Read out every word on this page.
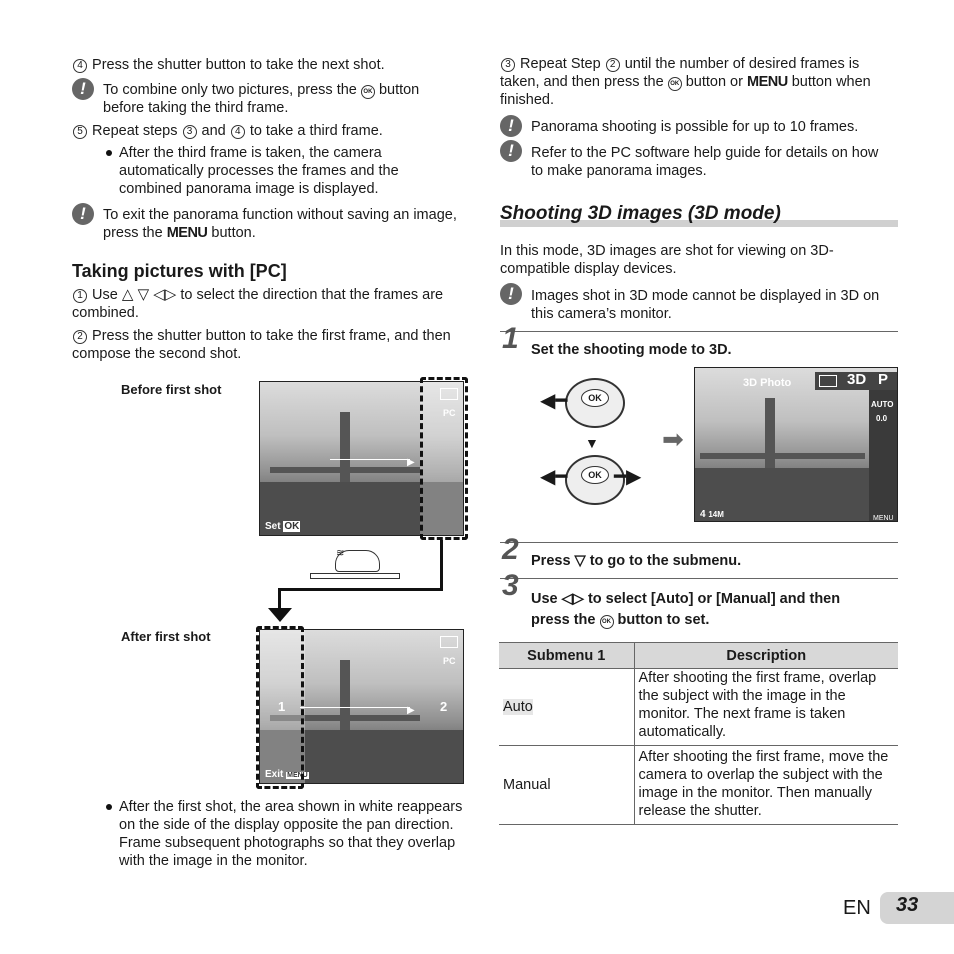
4 Press the shutter button to take the next shot.
!	To combine only two pictures, press the OK button before taking the third frame.
5 Repeat steps 3 and 4 to take a third frame.
After the third frame is taken, the camera automatically processes the frames and the combined panorama image is displayed.
!	To exit the panorama function without saving an image, press the MENU button.
Taking pictures with [PC]
1 Use △ ▽ ◁▷ to select the direction that the frames are combined.
2 Press the shutter button to take the first frame, and then compose the second shot.
Before first shot
▶
PC
Set OK
≋
After first shot
▶
1	2
PC
Exit MENU
After the first shot, the area shown in white reappears on the side of the display opposite the pan direction. Frame subsequent photographs so that they overlap with the image in the monitor.
3 Repeat Step 2 until the number of desired frames is taken, and then press the OK button or MENU button when finished.
!	Panorama shooting is possible for up to 10 frames.
!	Refer to the PC software help guide for details on how to make panorama images.
Shooting 3D images (3D mode)
In this mode, 3D images are shot for viewing on 3D-compatible display devices.
!	Images shot in 3D mode cannot be displayed in 3D on this camera’s monitor.
1 Set the shooting mode to 3D.
OK
◀━
▼
OK
◀━ ━▶
➡
3D Photo	3D P
AUTO
0.0
4 14M	MENU
2 Press ▽ to go to the submenu.
3 Use ◁▷ to select [Auto] or [Manual] and then press the OK button to set.
Submenu 1	Description
Auto	After shooting the first frame, overlap the subject with the image in the monitor. The next frame is taken automatically.
Manual	After shooting the first frame, move the camera to overlap the subject with the image in the monitor. Then manually release the shutter.
EN 33
